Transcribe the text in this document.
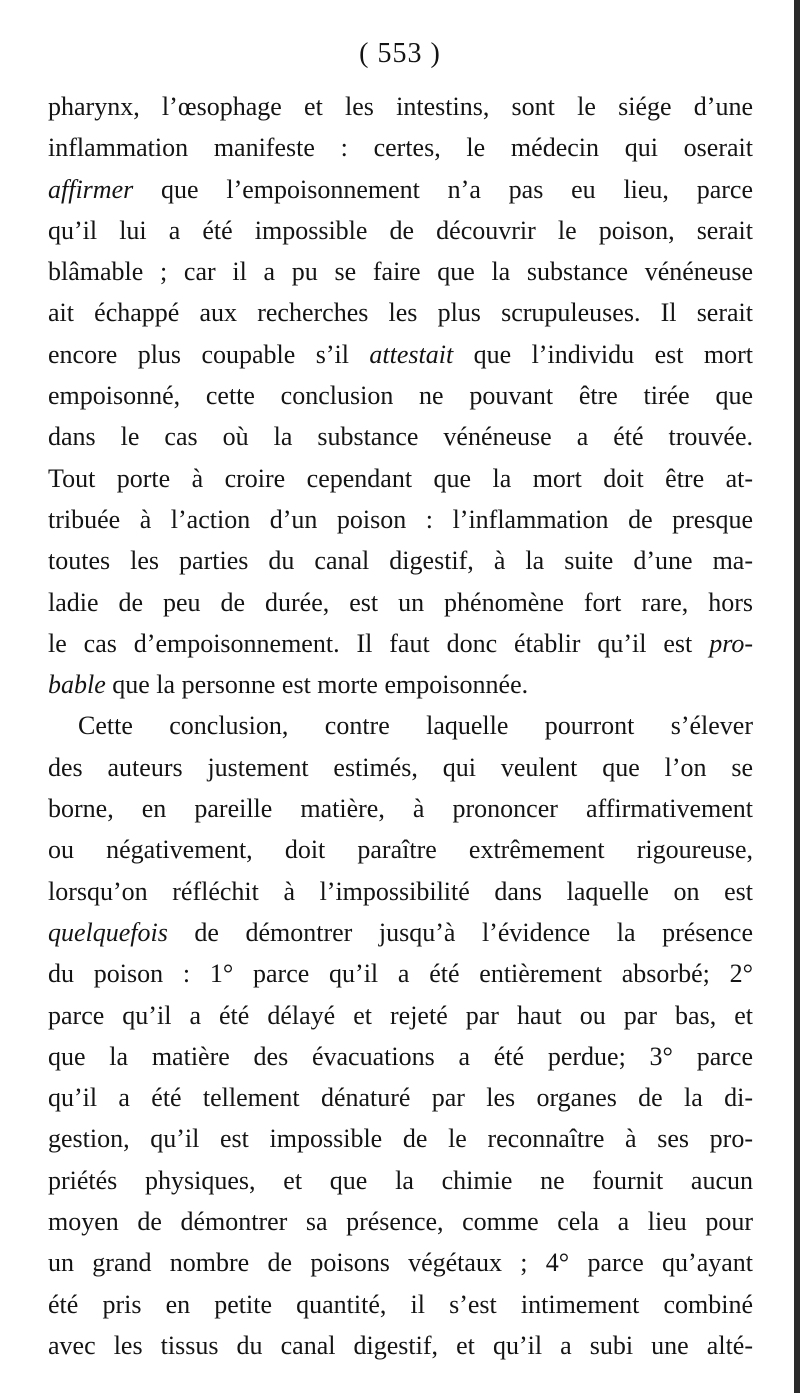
( 553 )
pharynx, l’œsophage et les intestins, sont le siége d’une
inflammation manifeste : certes, le médecin qui oserait
affirmer que l’empoisonnement n’a pas eu lieu, parce
qu’il lui a été impossible de découvrir le poison, serait
blâmable ; car il a pu se faire que la substance vénéneuse
ait échappé aux recherches les plus scrupuleuses. Il serait
encore plus coupable s’il attestait que l’individu est mort
empoisonné, cette conclusion ne pouvant être tirée que
dans le cas où la substance vénéneuse a été trouvée.
Tout porte à croire cependant que la mort doit être at-
tribuée à l’action d’un poison : l’inflammation de presque
toutes les parties du canal digestif, à la suite d’une ma-
ladie de peu de durée, est un phénomène fort rare, hors
le cas d’empoisonnement. Il faut donc établir qu’il est pro-
bable que la personne est morte empoisonnée.
Cette conclusion, contre laquelle pourront s’élever
des auteurs justement estimés, qui veulent que l’on se
borne, en pareille matière, à prononcer affirmativement
ou négativement, doit paraître extrêmement rigoureuse,
lorsqu’on réfléchit à l’impossibilité dans laquelle on est
quelquefois de démontrer jusqu’à l’évidence la présence
du poison : 1° parce qu’il a été entièrement absorbé; 2°
parce qu’il a été délayé et rejeté par haut ou par bas, et
que la matière des évacuations a été perdue; 3° parce
qu’il a été tellement dénaturé par les organes de la di-
gestion, qu’il est impossible de le reconnaître à ses pro-
priétés physiques, et que la chimie ne fournit aucun
moyen de démontrer sa présence, comme cela a lieu pour
un grand nombre de poisons végétaux ; 4° parce qu’ayant
été pris en petite quantité, il s’est intimement combiné
avec les tissus du canal digestif, et qu’il a subi une alté-
